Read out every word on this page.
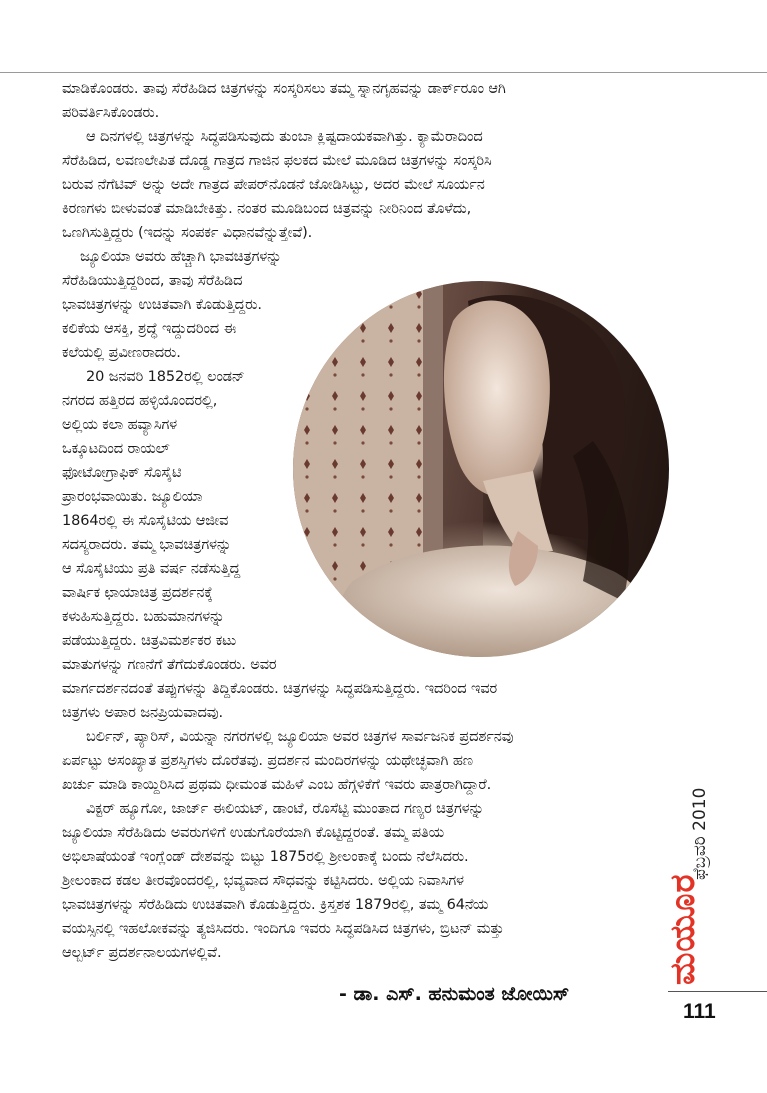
ಮಾಡಿಕೊಂಡರು. ತಾವು ಸೆರೆಹಿಡಿದ ಚಿತ್ರಗಳನ್ನು ಸಂಸ್ಕರಿಸಲು ತಮ್ಮ ಸ್ನಾನಗೃಹವನ್ನು ಡಾರ್ಕ್‌ರೂಂ ಆಗಿ
ಪರಿವರ್ತಿಸಿಕೊಂಡರು.
ಆ ದಿನಗಳಲ್ಲಿ ಚಿತ್ರಗಳನ್ನು ಸಿದ್ಧಪಡಿಸುವುದು ತುಂಬಾ ಕ್ಲಿಷ್ಟದಾಯಕವಾಗಿತ್ತು. ಕ್ಯಾಮೆರಾದಿಂದ
ಸೆರೆಹಿಡಿದ, ಲವಣಲೇಪಿತ ದೊಡ್ಡ ಗಾತ್ರದ ಗಾಜಿನ ಫಲಕದ ಮೇಲೆ ಮೂಡಿದ ಚಿತ್ರಗಳನ್ನು ಸಂಸ್ಕರಿಸಿ
ಬರುವ ನೆಗೆಟಿವ್ ಅನ್ನು ಅದೇ ಗಾತ್ರದ ಪೇಪರ್‌ನೊಡನೆ ಜೋಡಿಸಿಟ್ಟು, ಅದರ ಮೇಲೆ ಸೂರ್ಯನ
ಕಿರಣಗಳು ಬೀಳುವಂತೆ ಮಾಡಿಬೇಕಿತ್ತು. ನಂತರ ಮೂಡಿಬಂದ ಚಿತ್ರವನ್ನು ನೀರಿನಿಂದ ತೊಳೆದು,
ಒಣಗಿಸುತ್ತಿದ್ದರು (ಇದನ್ನು ಸಂಪರ್ಕ ವಿಧಾನವೆನ್ನುತ್ತೇವೆ).
ಜ್ಯೂಲಿಯಾ ಅವರು ಹೆಚ್ಚಾಗಿ ಭಾವಚಿತ್ರಗಳನ್ನು
ಸೆರೆಹಿಡಿಯುತ್ತಿದ್ದರಿಂದ, ತಾವು ಸೆರೆಹಿಡಿದ
ಭಾವಚಿತ್ರಗಳನ್ನು ಉಚಿತವಾಗಿ ಕೊಡುತ್ತಿದ್ದರು.
ಕಲಿಕೆಯ ಆಸಕ್ತಿ, ಶ್ರದ್ಧೆ ಇದ್ದುದರಿಂದ ಈ
ಕಲೆಯಲ್ಲಿ ಪ್ರವೀಣರಾದರು.
20 ಜನವರಿ 1852ರಲ್ಲಿ ಲಂಡನ್
ನಗರದ ಹತ್ತಿರದ ಹಳ್ಳಿಯೊಂದರಲ್ಲಿ,
ಅಲ್ಲಿಯ ಕಲಾ ಹವ್ಯಾಸಿಗಳ
ಒಕ್ಕೂಟದಿಂದ ರಾಯಲ್
ಫೋಟೋಗ್ರಾಫಿಕ್ ಸೊಸೈಟಿ
ಪ್ರಾರಂಭವಾಯಿತು. ಜ್ಯೂಲಿಯಾ
1864ರಲ್ಲಿ ಈ ಸೊಸೈಟಿಯ ಆಜೀವ
ಸದಸ್ಯರಾದರು. ತಮ್ಮ ಭಾವಚಿತ್ರಗಳನ್ನು
ಆ ಸೊಸೈಟಿಯು ಪ್ರತಿ ವರ್ಷ ನಡೆಸುತ್ತಿದ್ದ
ವಾರ್ಷಿಕ ಛಾಯಾಚಿತ್ರ ಪ್ರದರ್ಶನಕ್ಕೆ
ಕಳುಹಿಸುತ್ತಿದ್ದರು. ಬಹುಮಾನಗಳನ್ನು
ಪಡೆಯುತ್ತಿದ್ದರು. ಚಿತ್ರವಿಮರ್ಶಕರ ಕಟು
ಮಾತುಗಳನ್ನು ಗಣನೆಗೆ ತೆಗೆದುಕೊಂಡರು. ಅವರ
ಮಾರ್ಗದರ್ಶನದಂತೆ ತಪ್ಪುಗಳನ್ನು ತಿದ್ದಿಕೊಂಡರು. ಚಿತ್ರಗಳನ್ನು ಸಿದ್ಧಪಡಿಸುತ್ತಿದ್ದರು. ಇದರಿಂದ ಇವರ
ಚಿತ್ರಗಳು ಅಪಾರ ಜನಪ್ರಿಯವಾದವು.
ಬರ್ಲಿನ್, ಪ್ಯಾರಿಸ್, ವಿಯನ್ನಾ ನಗರಗಳಲ್ಲಿ ಜ್ಯೂಲಿಯಾ ಅವರ ಚಿತ್ರಗಳ ಸಾರ್ವಜನಿಕ ಪ್ರದರ್ಶನವು
ಏರ್ಪಟ್ಟು ಅಸಂಖ್ಯಾತ ಪ್ರಶಸ್ತಿಗಳು ದೊರೆತವು. ಪ್ರದರ್ಶನ ಮಂದಿರಗಳನ್ನು ಯಥೇಚ್ಛವಾಗಿ ಹಣ
ಖರ್ಚು ಮಾಡಿ ಕಾಯ್ದಿರಿಸಿದ ಪ್ರಥಮ ಧೀಮಂತ ಮಹಿಳೆ ಎಂಬ ಹೆಗ್ಗಳಿಕೆಗೆ ಇವರು ಪಾತ್ರರಾಗಿದ್ದಾರೆ.
ವಿಕ್ಟರ್ ಹ್ಯೂಗೋ, ಜಾರ್ಜ್ ಈಲಿಯಟ್, ಡಾಂಟೆ, ರೊಸೆಟ್ಟಿ ಮುಂತಾದ ಗಣ್ಯರ ಚಿತ್ರಗಳನ್ನು
ಜ್ಯೂಲಿಯಾ ಸೆರೆಹಿಡಿದು ಅವರುಗಳಿಗೆ ಉಡುಗೊರೆಯಾಗಿ ಕೊಟ್ಟಿದ್ದರಂತೆ. ತಮ್ಮ ಪತಿಯ
ಅಭಿಲಾಷೆಯಂತೆ ಇಂಗ್ಲೆಂಡ್ ದೇಶವನ್ನು ಬಿಟ್ಟು 1875ರಲ್ಲಿ ಶ್ರೀಲಂಕಾಕ್ಕೆ ಬಂದು ನೆಲೆಸಿದರು.
ಶ್ರೀಲಂಕಾದ ಕಡಲ ತೀರವೊಂದರಲ್ಲಿ, ಭವ್ಯವಾದ ಸೌಧವನ್ನು ಕಟ್ಟಿಸಿದರು. ಅಲ್ಲಿಯ ನಿವಾಸಿಗಳ
ಭಾವಚಿತ್ರಗಳನ್ನು ಸೆರೆಹಿಡಿದು ಉಚಿತವಾಗಿ ಕೊಡುತ್ತಿದ್ದರು. ಕ್ರಿಸ್ತಶಕ 1879ರಲ್ಲಿ, ತಮ್ಮ 64ನೆಯ
ವಯಸ್ಸಿನಲ್ಲಿ ಇಹಲೋಕವನ್ನು ತ್ಯಜಿಸಿದರು. ಇಂದಿಗೂ ಇವರು ಸಿದ್ಧಪಡಿಸಿದ ಚಿತ್ರಗಳು, ಬ್ರಿಟನ್ ಮತ್ತು
ಆಲ್ಬರ್ಟ್ ಪ್ರದರ್ಶನಾಲಯಗಳಲ್ಲಿವೆ.
- ಡಾ. ಎಸ್. ಹನುಮಂತ ಜೋಯಿಸ್
ಫೆಬ್ರವರಿ 2010
ಮಯೂರ
111
